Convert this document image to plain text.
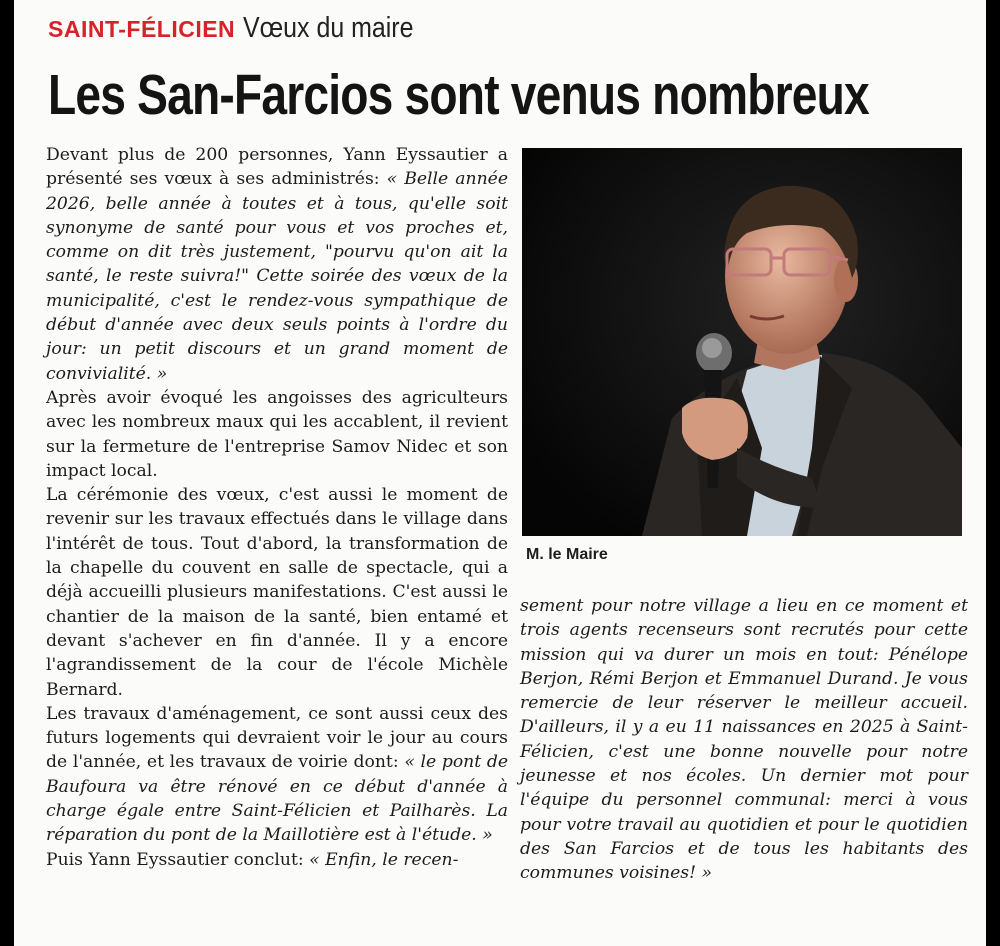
SAINT-FÉLICIEN Vœux du maire
Les San-Farcios sont venus nombreux

Devant plus de 200 personnes, Yann Eyssautier a présenté ses vœux à ses administrés: « Belle année 2026, belle année à toutes et à tous, qu'elle soit synonyme de santé pour vous et vos proches et, comme on dit très justement, "pourvu qu'on ait la santé, le reste suivra!" Cette soirée des vœux de la municipalité, c'est le rendez-vous sympathique de début d'année avec deux seuls points à l'ordre du jour: un petit discours et un grand moment de convivialité. »

Après avoir évoqué les angoisses des agriculteurs avec les nombreux maux qui les accablent, il revient sur la fermeture de l'entreprise Samov Nidec et son impact local.

La cérémonie des vœux, c'est aussi le moment de revenir sur les travaux effectués dans le village dans l'intérêt de tous. Tout d'abord, la transformation de la chapelle du couvent en salle de spectacle, qui a déjà accueilli plusieurs manifestations. C'est aussi le chantier de la maison de la santé, bien entamé et devant s'achever en fin d'année. Il y a encore l'agrandissement de la cour de l'école Michèle Bernard.

Les travaux d'aménagement, ce sont aussi ceux des futurs logements qui devraient voir le jour au cours de l'année, et les travaux de voirie dont: « le pont de Baufoura va être rénové en ce début d'année à charge égale entre Saint-Félicien et Pailharès. La réparation du pont de la Maillotière est à l'étude. »

Puis Yann Eyssautier conclut: « Enfin, le recen-

M. le Maire

sement pour notre village a lieu en ce moment et trois agents recenseurs sont recrutés pour cette mission qui va durer un mois en tout: Pénélope Berjon, Rémi Berjon et Emmanuel Durand. Je vous remercie de leur réserver le meilleur accueil. D'ailleurs, il y a eu 11 naissances en 2025 à Saint-Félicien, c'est une bonne nouvelle pour notre jeunesse et nos écoles. Un dernier mot pour l'équipe du personnel communal: merci à vous pour votre travail au quotidien et pour le quotidien des San Farcios et de tous les habitants des communes voisines! »
